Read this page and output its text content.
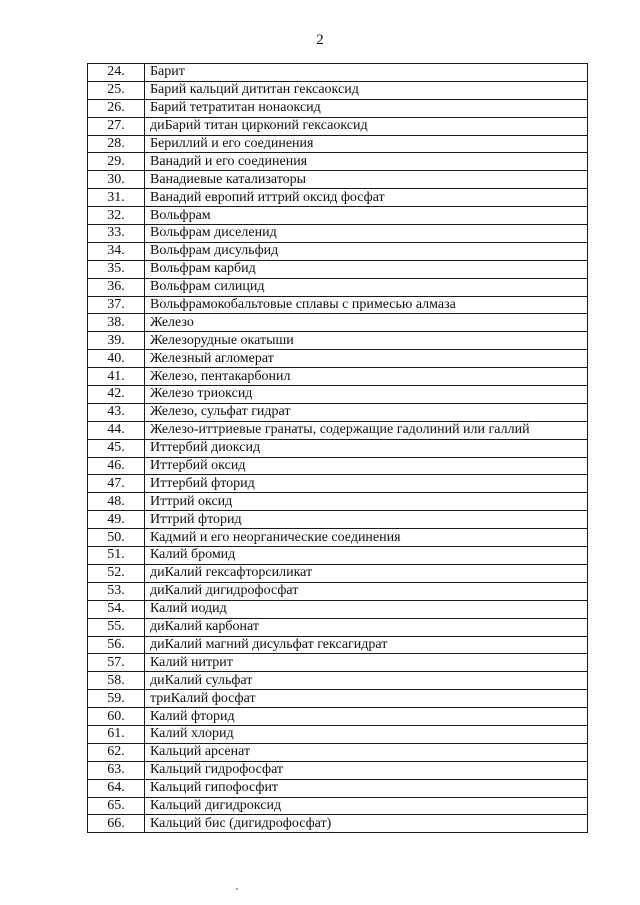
2
24.	Барит
25.	Барий кальций дититан гексаоксид
26.	Барий тетратитан нонаоксид
27.	диБарий титан цирконий гексаоксид
28.	Бериллий и его соединения
29.	Ванадий и его соединения
30.	Ванадиевые катализаторы
31.	Ванадий европий иттрий оксид фосфат
32.	Вольфрам
33.	Вольфрам диселенид
34.	Вольфрам дисульфид
35.	Вольфрам карбид
36.	Вольфрам силицид
37.	Вольфрамокобальтовые сплавы с примесью алмаза
38.	Железо
39.	Железорудные окатыши
40.	Железный агломерат
41.	Железо, пентакарбонил
42.	Железо триоксид
43.	Железо, сульфат гидрат
44.	Железо-иттриевые гранаты, содержащие гадолиний или галлий
45.	Иттербий диоксид
46.	Иттербий оксид
47.	Иттербий фторид
48.	Иттрий оксид
49.	Иттрий фторид
50.	Кадмий и его неорганические соединения
51.	Калий бромид
52.	диКалий гексафторсиликат
53.	диКалий дигидрофосфат
54.	Калий иодид
55.	диКалий карбонат
56.	диКалий магний дисульфат гексагидрат
57.	Калий нитрит
58.	диКалий сульфат
59.	триКалий фосфат
60.	Калий фторид
61.	Калий хлорид
62.	Кальций арсенат
63.	Кальций гидрофосфат
64.	Кальций гипофосфит
65.	Кальций дигидроксид
66.	Кальций бис (дигидрофосфат)
